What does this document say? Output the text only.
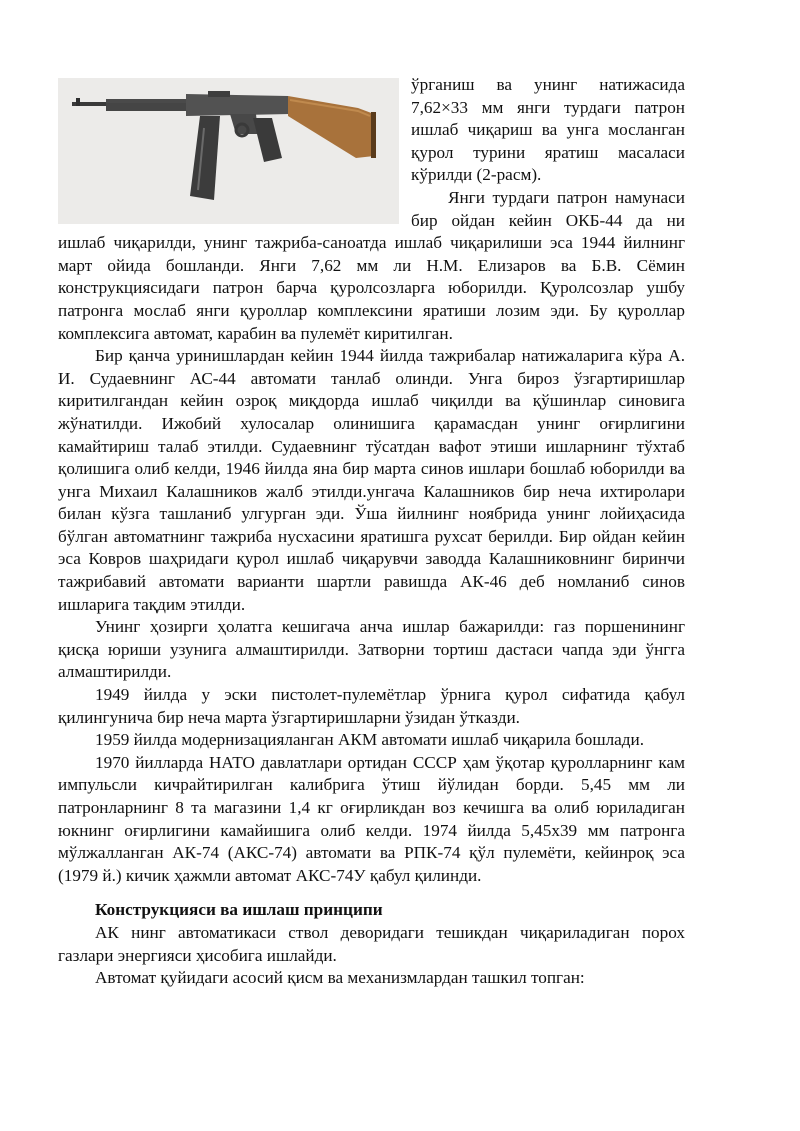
ўрганиш ва унинг натижасида 7,62×33 мм янги турдаги патрон ишлаб чиқариш ва унга мосланган қурол турини яратиш масаласи кўрилди (2-расм).

Янги турдаги патрон намунаси бир ойдан кейин ОКБ-44 да ни ишлаб чиқарилди, унинг тажриба-саноатда ишлаб чиқарилиши эса 1944 йилнинг март ойида бошланди. Янги 7,62 мм ли Н.М. Елизаров ва Б.В. Сёмин конструкциясидаги патрон барча қуролсозларга юборилди. Қуролсозлар ушбу патронга мослаб янги қуроллар комплексини яратиши лозим эди. Бу қуроллар комплексига автомат, карабин ва пулемёт киритилган.

Бир қанча уринишлардан кейин 1944 йилда тажрибалар натижаларига кўра А. И. Судаевнинг АС-44 автомати танлаб олинди. Унга бироз ўзгартиришлар киритилгандан кейин озроқ миқдорда ишлаб чиқилди ва қўшинлар синовига жўнатилди. Ижобий хулосалар олинишига қарамасдан унинг оғирлигини камайтириш талаб этилди. Судаевнинг тўсатдан вафот этиши ишларнинг тўхтаб қолишига олиб келди, 1946 йилда яна бир марта синов ишлари бошлаб юборилди ва унга Михаил Калашников жалб этилди.унгача Калашников бир неча ихтиролари билан кўзга ташланиб улгурган эди. Ўша йилнинг ноябрида унинг лойиҳасида бўлган автоматнинг тажриба нусхасини яратишга рухсат берилди. Бир ойдан кейин эса Ковров шаҳридаги қурол ишлаб чиқарувчи заводда Калашниковнинг биринчи тажрибавий автомати варианти шартли равишда АК-46 деб номланиб синов ишларига тақдим этилди.

Унинг ҳозирги ҳолатга кешигача анча ишлар бажарилди: газ поршенининг қисқа юриши узунига алмаштирилди. Затворни тортиш дастаси чапда эди ўнгга алмаштирилди.

1949 йилда у эски пистолет-пулемётлар ўрнига қурол сифатида қабул қилингунича бир неча марта ўзгартиришларни ўзидан ўтказди.

1959 йилда модернизацияланган АКМ автомати ишлаб чиқарила бошлади.

1970 йилларда НАТО давлатлари ортидан СССР ҳам ўқотар қуролларнинг кам импульсли кичрайтирилган калибрига ўтиш йўлидан борди. 5,45 мм ли патронларнинг 8 та магазини 1,4 кг оғирликдан воз кечишга ва олиб юриладиган юкнинг оғирлигини камайишига олиб келди. 1974 йилда 5,45x39 мм патронга мўлжалланган АК-74 (АКС-74) автомати ва РПК-74 қўл пулемёти, кейинроқ эса (1979 й.) кичик ҳажмли автомат АКС-74У қабул қилинди.

Конструкцияси ва ишлаш принципи

АК нинг автоматикаси ствол деворидаги тешикдан чиқариладиган порох газлари энергияси ҳисобига ишлайди.

Автомат қуйидаги асосий қисм ва механизмлардан ташкил топган:
